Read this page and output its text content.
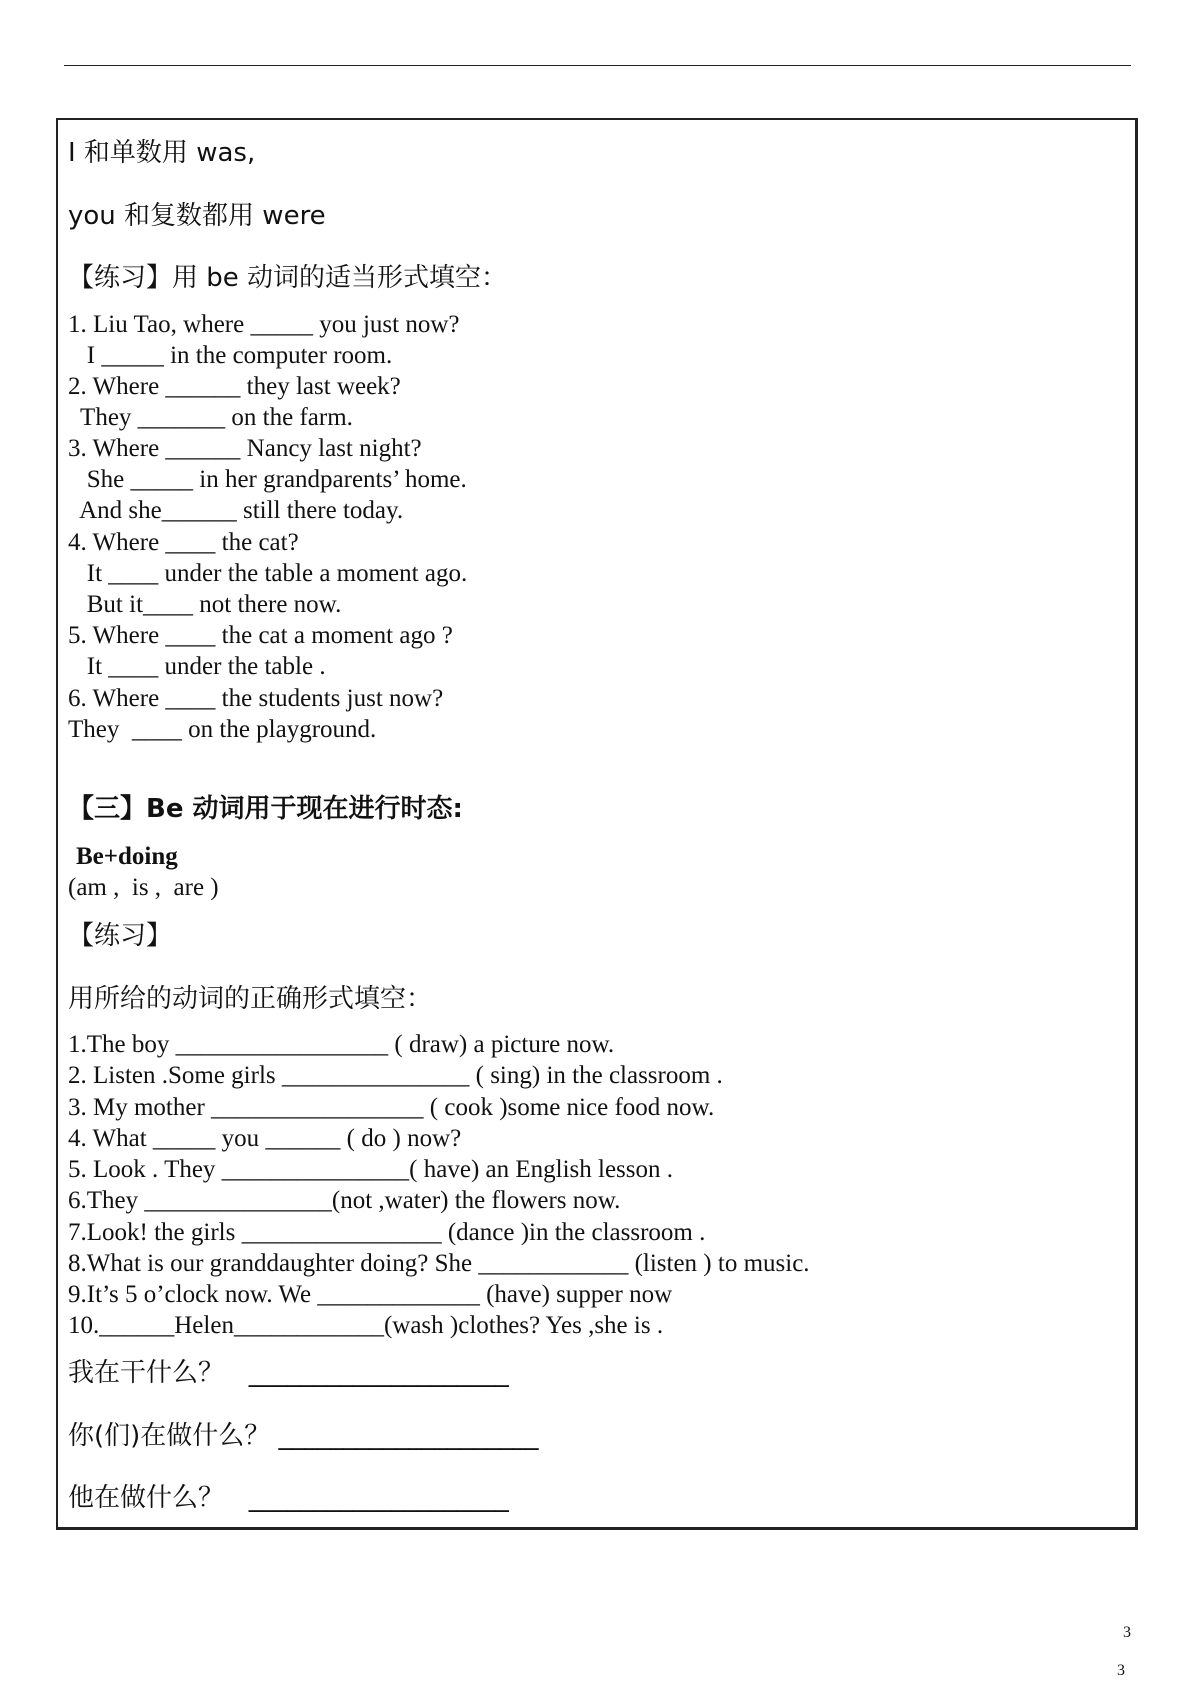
I 和单数用 was,
you 和复数都用 were
【练习】用 be 动词的适当形式填空：
1. Liu Tao, where _____ you just now?
I _____ in the computer room.
2. Where ______ they last week?
They _______ on the farm.
3. Where ______ Nancy last night?
She _____ in her grandparents’ home.
And she______ still there today.
4. Where ____ the cat?
It ____ under the table a moment ago.
But it____ not there now.
5. Where ____ the cat a moment ago ?
It ____ under the table .
6. Where ____ the students just now?
They  ____ on the playground.
【三】Be 动词用于现在进行时态:
Be+doing
(am ,  is ,  are )
【练习】
用所给的动词的正确形式填空：
1.The boy _________________ ( draw) a picture now.
2. Listen .Some girls _______________ ( sing) in the classroom .
3. My mother _________________ ( cook )some nice food now.
4. What _____ you ______ ( do ) now?
5. Look . They _______________( have) an English lesson .
6.They _______________(not ,water) the flowers now.
7.Look! the girls ________________ (dance )in the classroom .
8.What is our granddaughter doing? She ____________ (listen ) to music.
9.It’s 5 o’clock now. We _____________ (have) supper now
10.______Helen____________(wash )clothes? Yes ,she is .
我在干什么？   ____________________
你(们)在做什么？ ____________________
他在做什么？   ____________________
3
3
